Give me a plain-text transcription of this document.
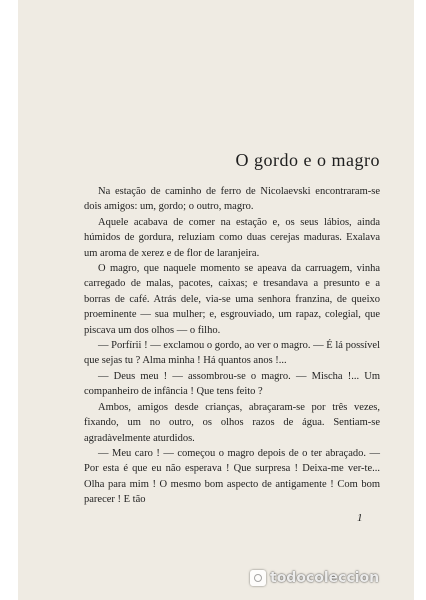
O gordo e o magro

Na estação de caminho de ferro de Nicolaevski encontraram-se dois amigos: um, gordo; o outro, magro.

Aquele acabava de comer na estação e, os seus lábios, ainda húmidos de gordura, reluziam como duas cerejas maduras. Exalava um aroma de xerez e de flor de laranjeira.

O magro, que naquele momento se apeava da carruagem, vinha carregado de malas, pacotes, caixas; e tresandava a presunto e a borras de café. Atrás dele, via-se uma senhora franzina, de queixo proeminente — sua mulher; e, esgrouviado, um rapaz, colegial, que piscava um dos olhos — o filho.

— Porfírii ! — exclamou o gordo, ao ver o magro. — É lá possível que sejas tu ? Alma minha ! Há quantos anos !...

— Deus meu ! — assombrou-se o magro. — Mischa !... Um companheiro de infância ! Que tens feito ?

Ambos, amigos desde crianças, abraçaram-se por três vezes, fixando, um no outro, os olhos razos de água. Sentiam-se agradàvelmente aturdidos.

— Meu caro ! — começou o magro depois de o ter abraçado. — Por esta é que eu não esperava ! Que surpresa ! Deixa-me ver-te... Olha para mim ! O mesmo bom aspecto de antigamente ! Com bom parecer ! E tão

1
todocoleccion
